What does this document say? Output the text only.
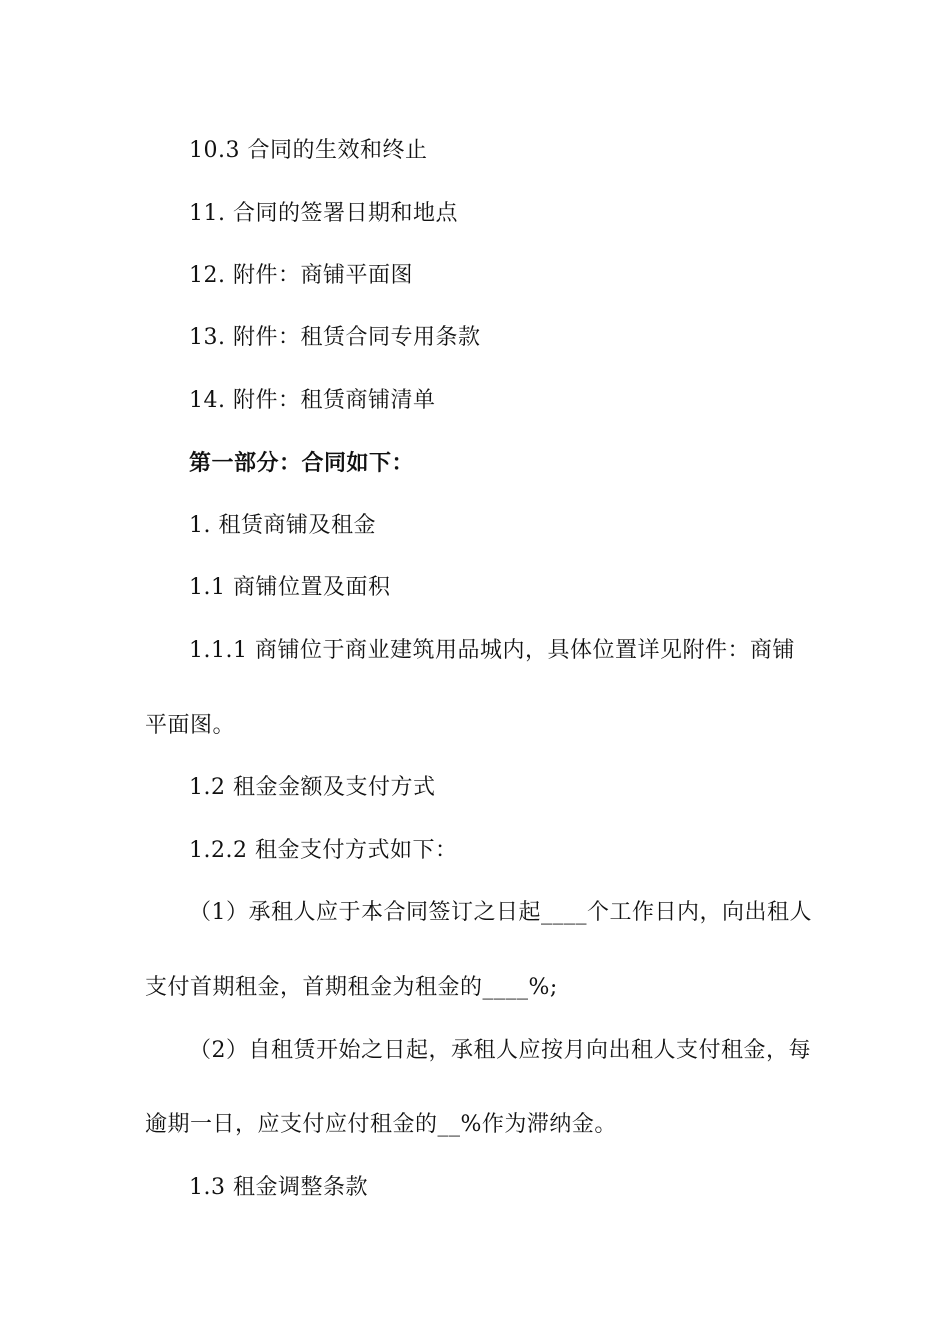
10.3 合同的生效和终止
11. 合同的签署日期和地点
12. 附件：商铺平面图
13. 附件：租赁合同专用条款
14. 附件：租赁商铺清单
第一部分：合同如下：
1. 租赁商铺及租金
1.1 商铺位置及面积
1.1.1 商铺位于商业建筑用品城内，具体位置详见附件：商铺
平面图。
1.2 租金金额及支付方式
1.2.2 租金支付方式如下：
（1）承租人应于本合同签订之日起____个工作日内，向出租人
支付首期租金，首期租金为租金的____%;
（2）自租赁开始之日起，承租人应按月向出租人支付租金，每
逾期一日，应支付应付租金的__%作为滞纳金。
1.3 租金调整条款
